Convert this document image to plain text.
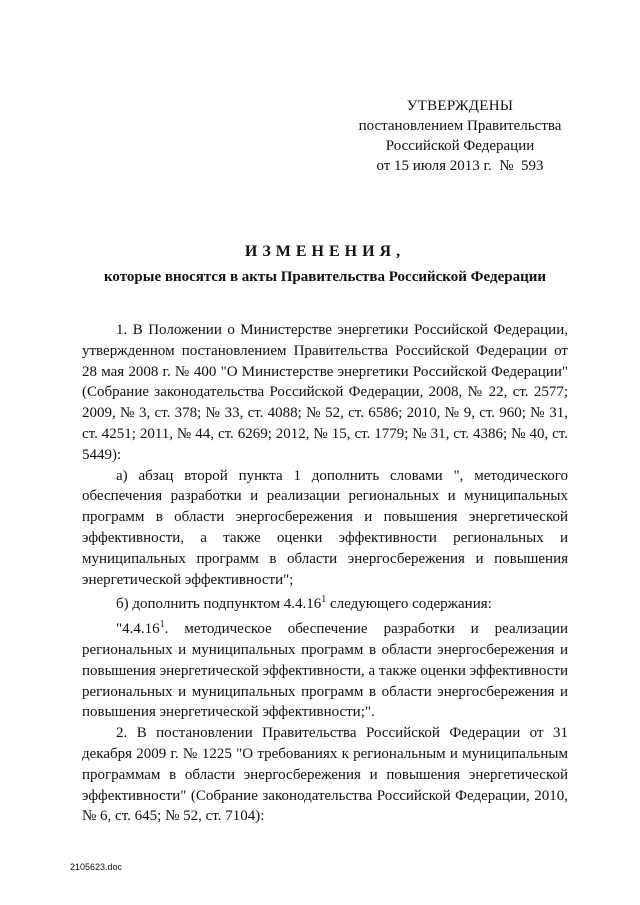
УТВЕРЖДЕНЫ
постановлением Правительства
Российской Федерации
от 15 июля 2013 г.  №  593
ИЗМЕНЕНИЯ,
которые вносятся в акты Правительства Российской Федерации

1. В Положении о Министерстве энергетики Российской Федерации, утвержденном постановлением Правительства Российской Федерации от 28 мая 2008 г. № 400 "О Министерстве энергетики Российской Федерации" (Собрание законодательства Российской Федерации, 2008, № 22, ст. 2577; 2009, № 3, ст. 378; № 33, ст. 4088; № 52, ст. 6586; 2010, № 9, ст. 960; № 31, ст. 4251; 2011, № 44, ст. 6269; 2012, № 15, ст. 1779; № 31, ст. 4386; № 40, ст. 5449):

а) абзац второй пункта 1 дополнить словами ", методического обеспечения разработки и реализации региональных и муниципальных программ в области энергосбережения и повышения энергетической эффективности, а также оценки эффективности региональных и муниципальных программ в области энергосбережения и повышения энергетической эффективности";

б) дополнить подпунктом 4.4.16$^1$ следующего содержания:

"4.4.16$^1$. методическое обеспечение разработки и реализации региональных и муниципальных программ в области энергосбережения и повышения энергетической эффективности, а также оценки эффективности региональных и муниципальных программ в области энергосбережения и повышения энергетической эффективности;".

2. В постановлении Правительства Российской Федерации от 31 декабря 2009 г. № 1225 "О требованиях к региональным и муниципальным программам в области энергосбережения и повышения энергетической эффективности" (Собрание законодательства Российской Федерации, 2010, № 6, ст. 645; № 52, ст. 7104):

2105623.doc
